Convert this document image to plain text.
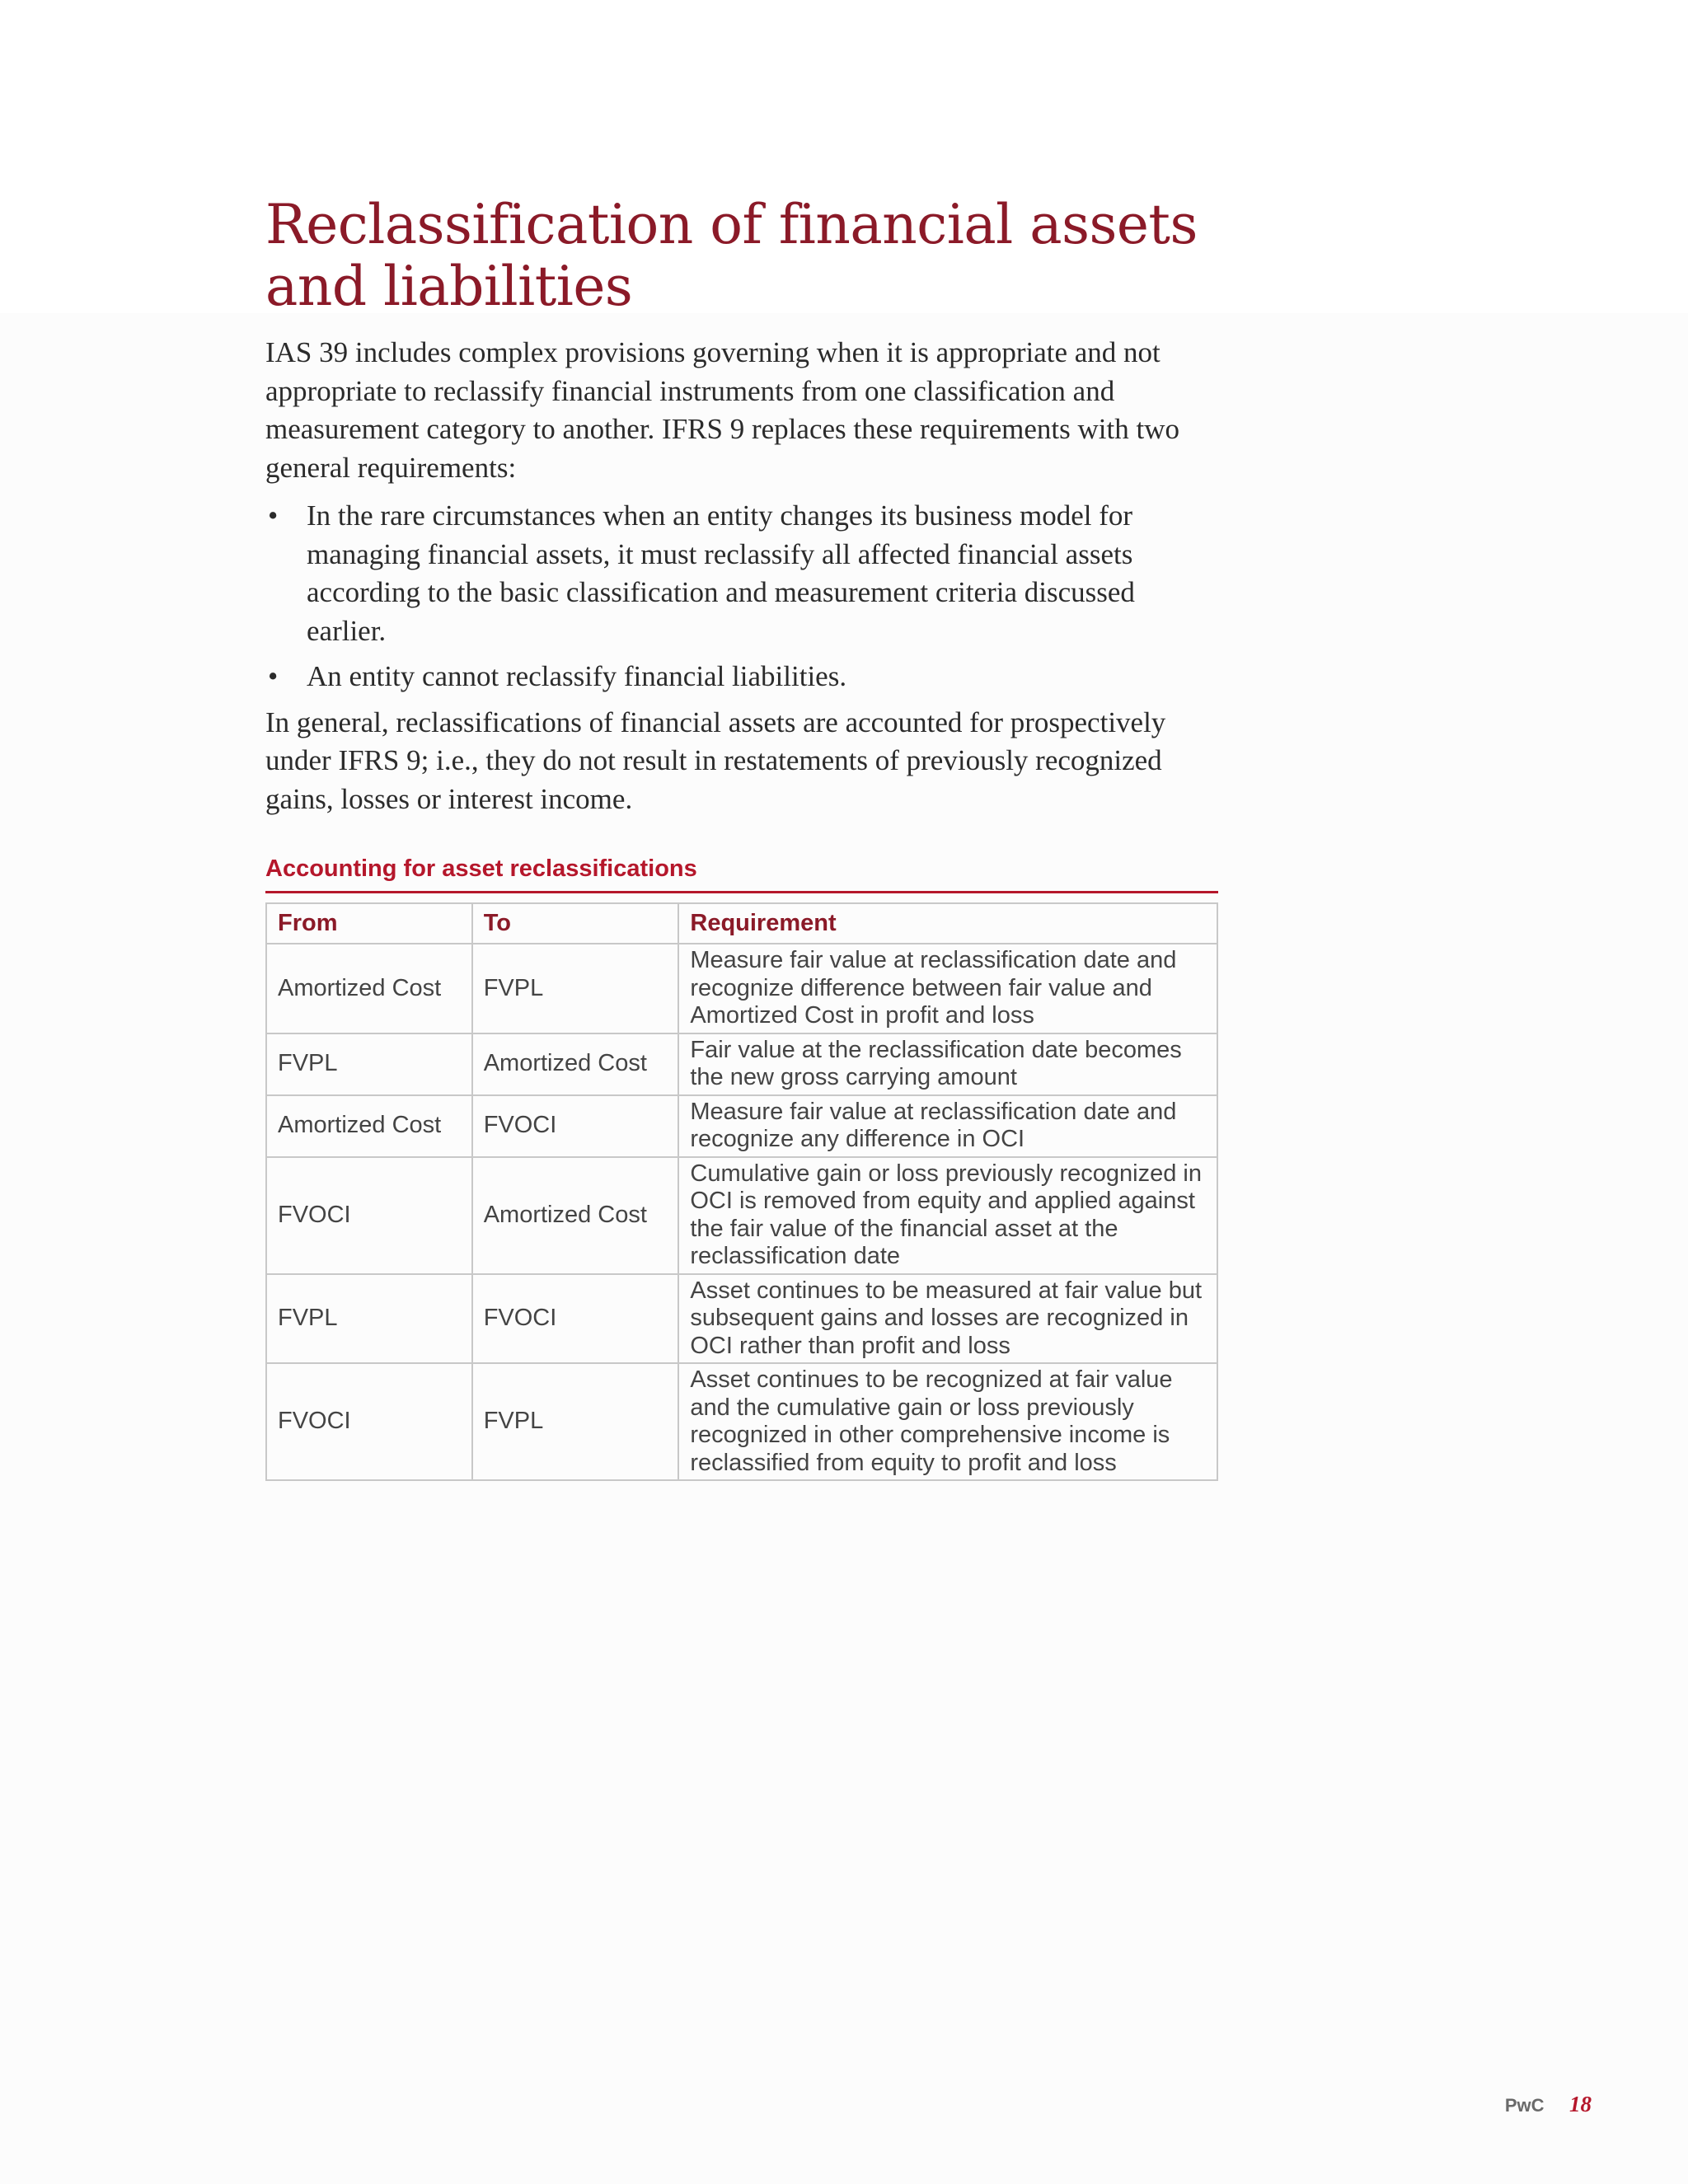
Reclassification of financial assets and liabilities

IAS 39 includes complex provisions governing when it is appropriate and not appropriate to reclassify financial instruments from one classification and measurement category to another. IFRS 9 replaces these requirements with two general requirements:

• In the rare circumstances when an entity changes its business model for managing financial assets, it must reclassify all affected financial assets according to the basic classification and measurement criteria discussed earlier.
• An entity cannot reclassify financial liabilities.

In general, reclassifications of financial assets are accounted for prospectively under IFRS 9; i.e., they do not result in restatements of previously recognized gains, losses or interest income.

Accounting for asset reclassifications
From	To	Requirement
Amortized Cost	FVPL	Measure fair value at reclassification date and recognize difference between fair value and Amortized Cost in profit and loss
FVPL	Amortized Cost	Fair value at the reclassification date becomes the new gross carrying amount
Amortized Cost	FVOCI	Measure fair value at reclassification date and recognize any difference in OCI
FVOCI	Amortized Cost	Cumulative gain or loss previously recognized in OCI is removed from equity and applied against the fair value of the financial asset at the reclassification date
FVPL	FVOCI	Asset continues to be measured at fair value but subsequent gains and losses are recognized in OCI rather than profit and loss
FVOCI	FVPL	Asset continues to be recognized at fair value and the cumulative gain or loss previously recognized in other comprehensive income is reclassified from equity to profit and loss
PwC 18
